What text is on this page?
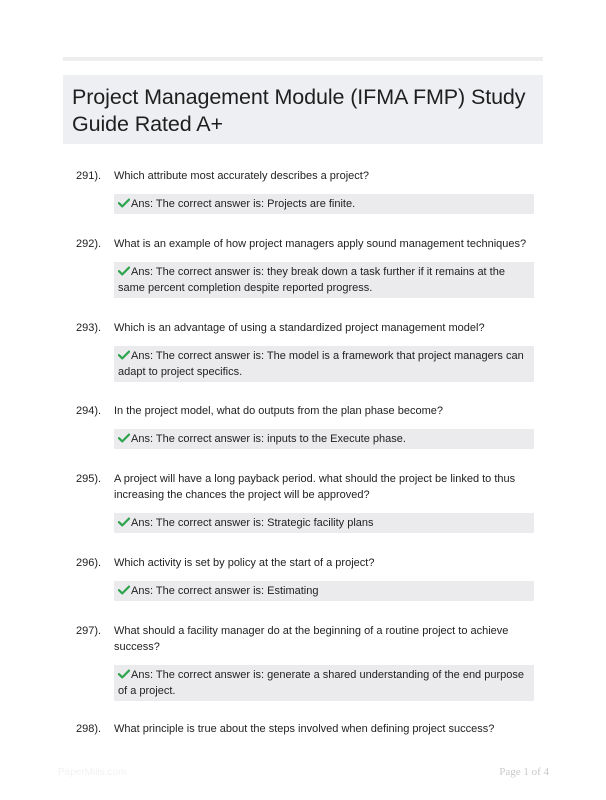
Project Management Module (IFMA FMP) Study Guide Rated A+
291). Which attribute most accurately describes a project?
Ans: The correct answer is: Projects are finite.
292). What is an example of how project managers apply sound management techniques?
Ans: The correct answer is: they break down a task further if it remains at the same percent completion despite reported progress.
293). Which is an advantage of using a standardized project management model?
Ans: The correct answer is: The model is a framework that project managers can adapt to project specifics.
294). In the project model, what do outputs from the plan phase become?
Ans: The correct answer is: inputs to the Execute phase.
295). A project will have a long payback period. what should the project be linked to thus increasing the chances the project will be approved?
Ans: The correct answer is: Strategic facility plans
296). Which activity is set by policy at the start of a project?
Ans: The correct answer is: Estimating
297). What should a facility manager do at the beginning of a routine project to achieve success?
Ans: The correct answer is: generate a shared understanding of the end purpose of a project.
298). What principle is true about the steps involved when defining project success?
PaperMills.com	Page 1 of 4
